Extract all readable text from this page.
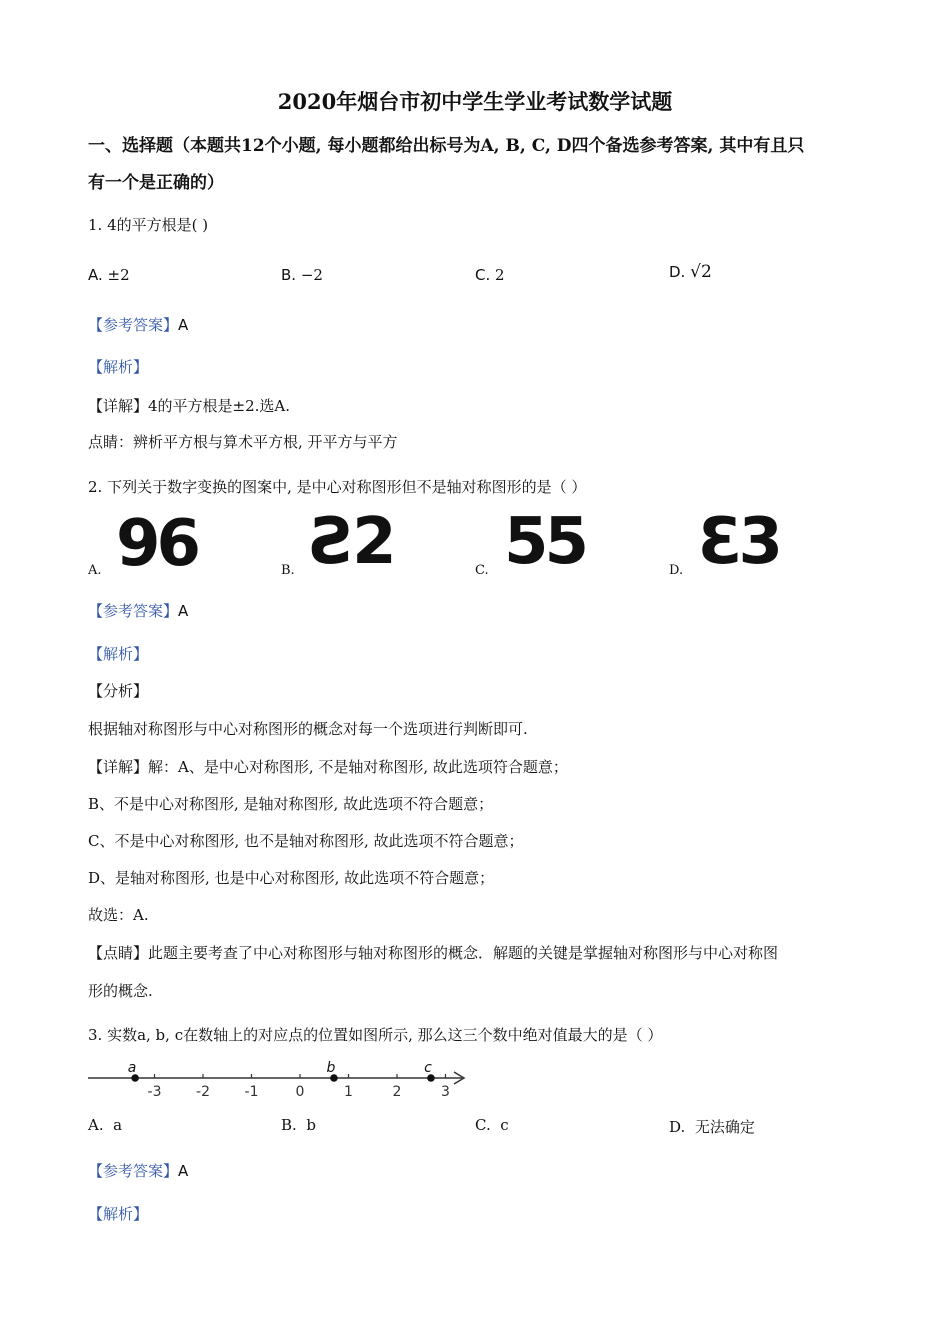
2020年烟台市初中学生学业考试数学试题
一、选择题（本题共12个小题, 每小题都给出标号为A, B, C, D四个备选参考答案, 其中有且只
有一个是正确的）
1. 4的平方根是( )
A. ±2	B. −2	C. 2	D. √2
【参考答案】A
【解析】
【详解】4的平方根是±2.选A.
点睛：辨析平方根与算术平方根, 开平方与平方
2. 下列关于数字变换的图案中, 是中心对称图形但不是轴对称图形的是（ ）
A. 96	B. Ƨ2	C. 55	D. Ɛ3
【参考答案】A
【解析】
【分析】
根据轴对称图形与中心对称图形的概念对每一个选项进行判断即可.
【详解】解：A、是中心对称图形, 不是轴对称图形, 故此选项符合题意；
B、不是中心对称图形, 是轴对称图形, 故此选项不符合题意；
C、不是中心对称图形, 也不是轴对称图形, 故此选项不符合题意；
D、是轴对称图形, 也是中心对称图形, 故此选项不符合题意；
故选：A.
【点睛】此题主要考查了中心对称图形与轴对称图形的概念．解题的关键是掌握轴对称图形与中心对称图
形的概念.
3. 实数a, b, c在数轴上的对应点的位置如图所示, 那么这三个数中绝对值最大的是（ ）
-3 -2 -1	0	1	2	3
a	b	c
A. a	B. b	C. c	D. 无法确定
【参考答案】A
【解析】
